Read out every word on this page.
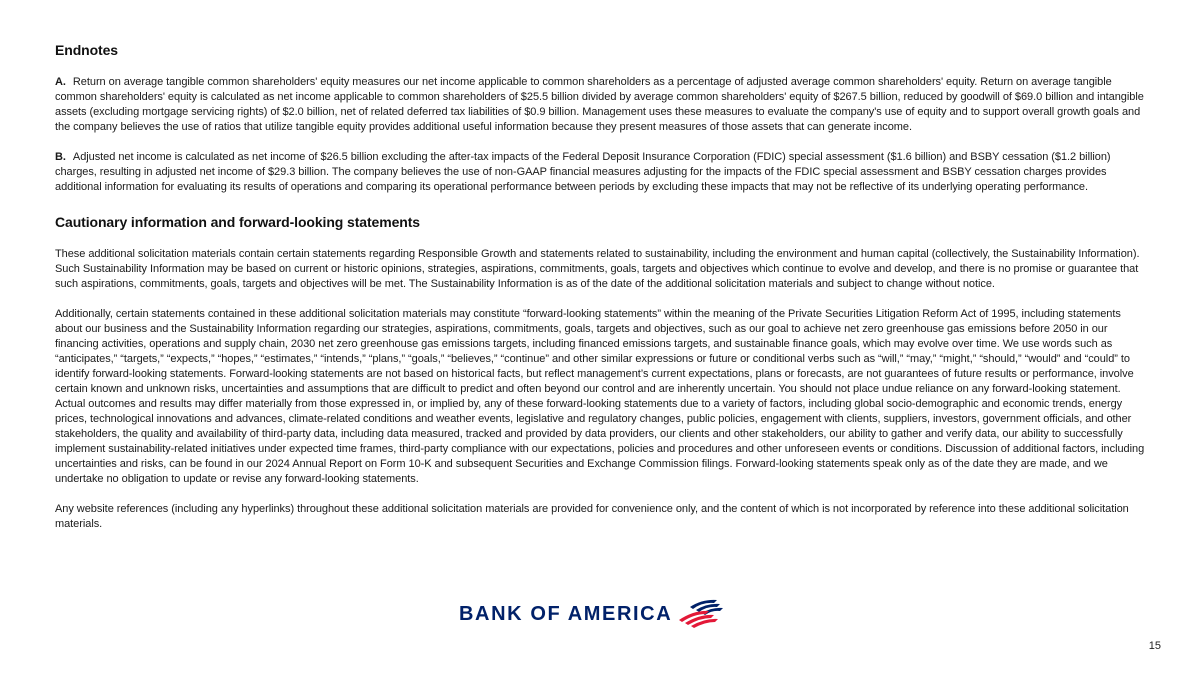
Endnotes

A. Return on average tangible common shareholders' equity measures our net income applicable to common shareholders as a percentage of adjusted average common shareholders' equity. Return on average tangible common shareholders' equity is calculated as net income applicable to common shareholders of $25.5 billion divided by average common shareholders' equity of $267.5 billion, reduced by goodwill of $69.0 billion and intangible assets (excluding mortgage servicing rights) of $2.0 billion, net of related deferred tax liabilities of $0.9 billion. Management uses these measures to evaluate the company's use of equity and to support overall growth goals and the company believes the use of ratios that utilize tangible equity provides additional useful information because they present measures of those assets that can generate income.

B. Adjusted net income is calculated as net income of $26.5 billion excluding the after-tax impacts of the Federal Deposit Insurance Corporation (FDIC) special assessment ($1.6 billion) and BSBY cessation ($1.2 billion) charges, resulting in adjusted net income of $29.3 billion. The company believes the use of non-GAAP financial measures adjusting for the impacts of the FDIC special assessment and BSBY cessation charges provides additional information for evaluating its results of operations and comparing its operational performance between periods by excluding these impacts that may not be reflective of its underlying operating performance.

Cautionary information and forward-looking statements

These additional solicitation materials contain certain statements regarding Responsible Growth and statements related to sustainability, including the environment and human capital (collectively, the Sustainability Information). Such Sustainability Information may be based on current or historic opinions, strategies, aspirations, commitments, goals, targets and objectives which continue to evolve and develop, and there is no promise or guarantee that such aspirations, commitments, goals, targets and objectives will be met. The Sustainability Information is as of the date of the additional solicitation materials and subject to change without notice.

Additionally, certain statements contained in these additional solicitation materials may constitute “forward-looking statements” within the meaning of the Private Securities Litigation Reform Act of 1995, including statements about our business and the Sustainability Information regarding our strategies, aspirations, commitments, goals, targets and objectives, such as our goal to achieve net zero greenhouse gas emissions before 2050 in our financing activities, operations and supply chain, 2030 net zero greenhouse gas emissions targets, including financed emissions targets, and sustainable finance goals, which may evolve over time. We use words such as “anticipates,” “targets,” “expects,” “hopes,” “estimates,” “intends,” “plans,” “goals,” “believes,” “continue” and other similar expressions or future or conditional verbs such as “will,” “may,” “might,” “should,” “would” and “could” to identify forward-looking statements. Forward-looking statements are not based on historical facts, but reflect management’s current expectations, plans or forecasts, are not guarantees of future results or performance, involve certain known and unknown risks, uncertainties and assumptions that are difficult to predict and often beyond our control and are inherently uncertain. You should not place undue reliance on any forward-looking statement. Actual outcomes and results may differ materially from those expressed in, or implied by, any of these forward-looking statements due to a variety of factors, including global socio-demographic and economic trends, energy prices, technological innovations and advances, climate-related conditions and weather events, legislative and regulatory changes, public policies, engagement with clients, suppliers, investors, government officials, and other stakeholders, the quality and availability of third-party data, including data measured, tracked and provided by data providers, our clients and other stakeholders, our ability to gather and verify data, our ability to successfully implement sustainability-related initiatives under expected time frames, third-party compliance with our expectations, policies and procedures and other unforeseen events or conditions. Discussion of additional factors, including uncertainties and risks, can be found in our 2024 Annual Report on Form 10-K and subsequent Securities and Exchange Commission filings. Forward-looking statements speak only as of the date they are made, and we undertake no obligation to update or revise any forward-looking statements.

Any website references (including any hyperlinks) throughout these additional solicitation materials are provided for convenience only, and the content of which is not incorporated by reference into these additional solicitation materials.

BANK OF AMERICA
15
